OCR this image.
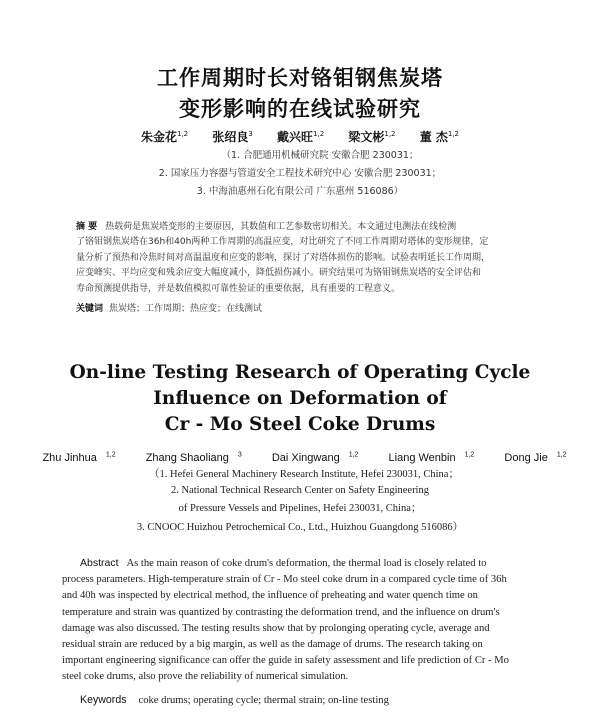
工作周期时长对铬钼钢焦炭塔
变形影响的在线试验研究
朱金花$^{1,2}$ 张绍良$^3$ 戴兴旺$^{1,2}$ 梁文彬$^{1,2}$ 董 杰$^{1,2}$
（1. 合肥通用机械研究院 安徽合肥 230031；
2. 国家压力容器与管道安全工程技术研究中心 安徽合肥 230031；
3. 中海油惠州石化有限公司 广东惠州 516086）
摘 要 热载荷是焦炭塔变形的主要原因，其数值和工艺参数密切相关。本文通过电测法在线检测
了铬钼钢焦炭塔在36h和40h两种工作周期的高温应变，对比研究了不同工作周期对塔体的变形规律，定
量分析了预热和冷焦时间对高温温度和应变的影响，探讨了对塔体损伤的影响。试验表明延长工作周期，
应变峰实、平均应变和残余应变大幅度减小，降低损伤减小。研究结果可为铬钼钢焦炭塔的安全评估和
寿命预测提供指导，并是数值模拟可靠性验证的重要依据，具有重要的工程意义。
关键词 焦炭塔；工作周期；热应变；在线测试
On-line Testing Research of Operating Cycle
Influence on Deformation of
Cr - Mo Steel Coke Drums
Zhu Jinhua $^{1,2}$	Zhang Shaoliang $^3$	Dai Xingwang $^{1,2}$	Liang Wenbin $^{1,2}$	Dong Jie $^{1,2}$
（1. Hefei General Machinery Research Institute, Hefei 230031, China；
2. National Technical Research Center on Safety Engineering
of Pressure Vessels and Pipelines, Hefei 230031, China；
3. CNOOC Huizhou Petrochemical Co., Ltd., Huizhou Guangdong 516086）
Abstract As the main reason of coke drum's deformation, the thermal load is closely related to
process parameters. High-temperature strain of Cr - Mo steel coke drum in a compared cycle time of 36h
and 40h was inspected by electrical method, the influence of preheating and water quench time on
temperature and strain was quantized by contrasting the deformation trend, and the influence on drum's
damage was also discussed. The testing results show that by prolonging operating cycle, average and
residual strain are reduced by a big margin, as well as the damage of drums. The research taking on
important engineering significance can offer the guide in safety assessment and life prediction of Cr - Mo
steel coke drums, also prove the reliability of numerical simulation.
Keywords coke drums; operating cycle; thermal strain; on-line testing
